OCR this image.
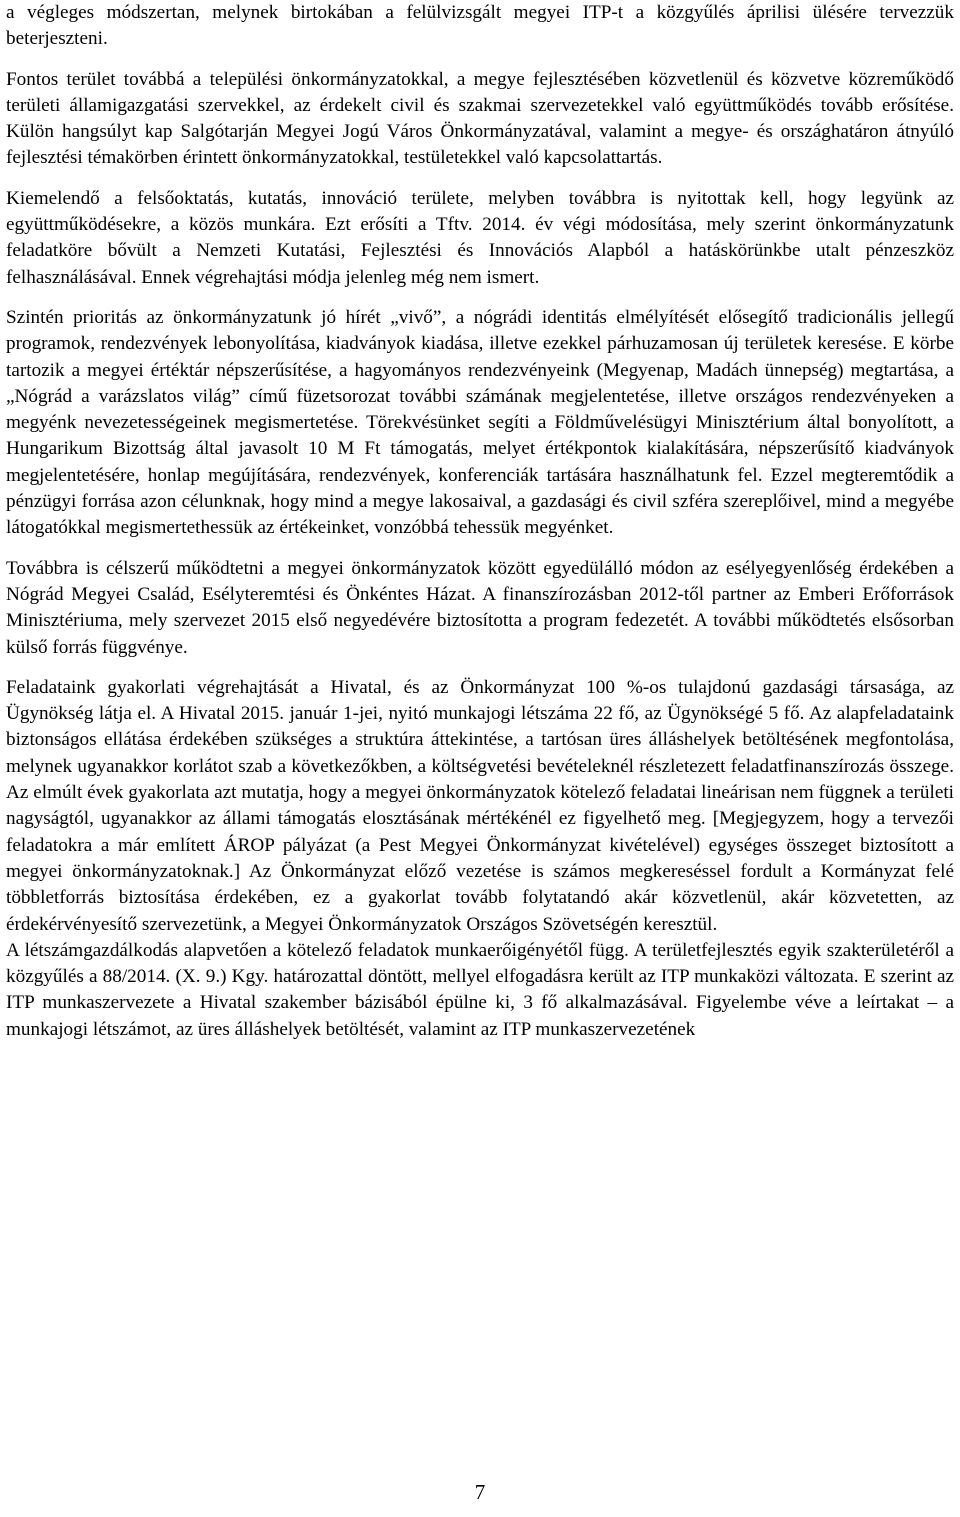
a végleges módszertan, melynek birtokában a felülvizsgált megyei ITP-t a közgyűlés áprilisi ülésére tervezzük beterjeszteni.

Fontos terület továbbá a települési önkormányzatokkal, a megye fejlesztésében közvetlenül és közvetve közreműködő területi államigazgatási szervekkel, az érdekelt civil és szakmai szervezetekkel való együttműködés tovább erősítése. Külön hangsúlyt kap Salgótarján Megyei Jogú Város Önkormányzatával, valamint a megye- és országhatáron átnyúló fejlesztési témakörben érintett önkormányzatokkal, testületekkel való kapcsolattartás.

Kiemelendő a felsőoktatás, kutatás, innováció területe, melyben továbbra is nyitottak kell, hogy legyünk az együttműködésekre, a közös munkára. Ezt erősíti a Tftv. 2014. év végi módosítása, mely szerint önkormányzatunk feladatköre bővült a Nemzeti Kutatási, Fejlesztési és Innovációs Alapból a hatáskörünkbe utalt pénzeszköz felhasználásával. Ennek végrehajtási módja jelenleg még nem ismert.

Szintén prioritás az önkormányzatunk jó hírét „vivő”, a nógrádi identitás elmélyítését elősegítő tradicionális jellegű programok, rendezvények lebonyolítása, kiadványok kiadása, illetve ezekkel párhuzamosan új területek keresése. E körbe tartozik a megyei értéktár népszerűsítése, a hagyományos rendezvényeink (Megyenap, Madách ünnepség) megtartása, a „Nógrád a varázslatos világ” című füzetsorozat további számának megjelentetése, illetve országos rendezvényeken a megyénk nevezetességeinek megismertetése. Törekvésünket segíti a Földművelésügyi Minisztérium által bonyolított, a Hungarikum Bizottság által javasolt 10 M Ft támogatás, melyet értékpontok kialakítására, népszerűsítő kiadványok megjelentetésére, honlap megújítására, rendezvények, konferenciák tartására használhatunk fel. Ezzel megteremtődik a pénzügyi forrása azon célunknak, hogy mind a megye lakosaival, a gazdasági és civil szféra szereplőivel, mind a megyébe látogatókkal megismertethessük az értékeinket, vonzóbbá tehessük megyénket.

Továbbra is célszerű működtetni a megyei önkormányzatok között egyedülálló módon az esélyegyenlőség érdekében a Nógrád Megyei Család, Esélyteremtési és Önkéntes Házat. A finanszírozásban 2012-től partner az Emberi Erőforrások Minisztériuma, mely szervezet 2015 első negyedévére biztosította a program fedezetét. A további működtetés elsősorban külső forrás függvénye.

Feladataink gyakorlati végrehajtását a Hivatal, és az Önkormányzat 100 %-os tulajdonú gazdasági társasága, az Ügynökség látja el. A Hivatal 2015. január 1-jei, nyitó munkajogi létszáma 22 fő, az Ügynökségé 5 fő. Az alapfeladataink biztonságos ellátása érdekében szükséges a struktúra áttekintése, a tartósan üres álláshelyek betöltésének megfontolása, melynek ugyanakkor korlátot szab a következőkben, a költségvetési bevételeknél részletezett feladatfinanszírozás összege. Az elmúlt évek gyakorlata azt mutatja, hogy a megyei önkormányzatok kötelező feladatai lineárisan nem függnek a területi nagyságtól, ugyanakkor az állami támogatás elosztásának mértékénél ez figyelhető meg. [Megjegyzem, hogy a tervezői feladatokra a már említett ÁROP pályázat (a Pest Megyei Önkormányzat kivételével) egységes összeget biztosított a megyei önkormányzatoknak.] Az Önkormányzat előző vezetése is számos megkereséssel fordult a Kormányzat felé többletforrás biztosítása érdekében, ez a gyakorlat tovább folytatandó akár közvetlenül, akár közvetetten, az érdekérvényesítő szervezetünk, a Megyei Önkormányzatok Országos Szövetségén keresztül.

A létszámgazdálkodás alapvetően a kötelező feladatok munkaerőigényétől függ. A területfejlesztés egyik szakterületéről a közgyűlés a 88/2014. (X. 9.) Kgy. határozattal döntött, mellyel elfogadásra került az ITP munkaközi változata. E szerint az ITP munkaszervezete a Hivatal szakember bázisából épülne ki, 3 fő alkalmazásával. Figyelembe véve a leírtakat – a munkajogi létszámot, az üres álláshelyek betöltését, valamint az ITP munkaszervezetének

7
